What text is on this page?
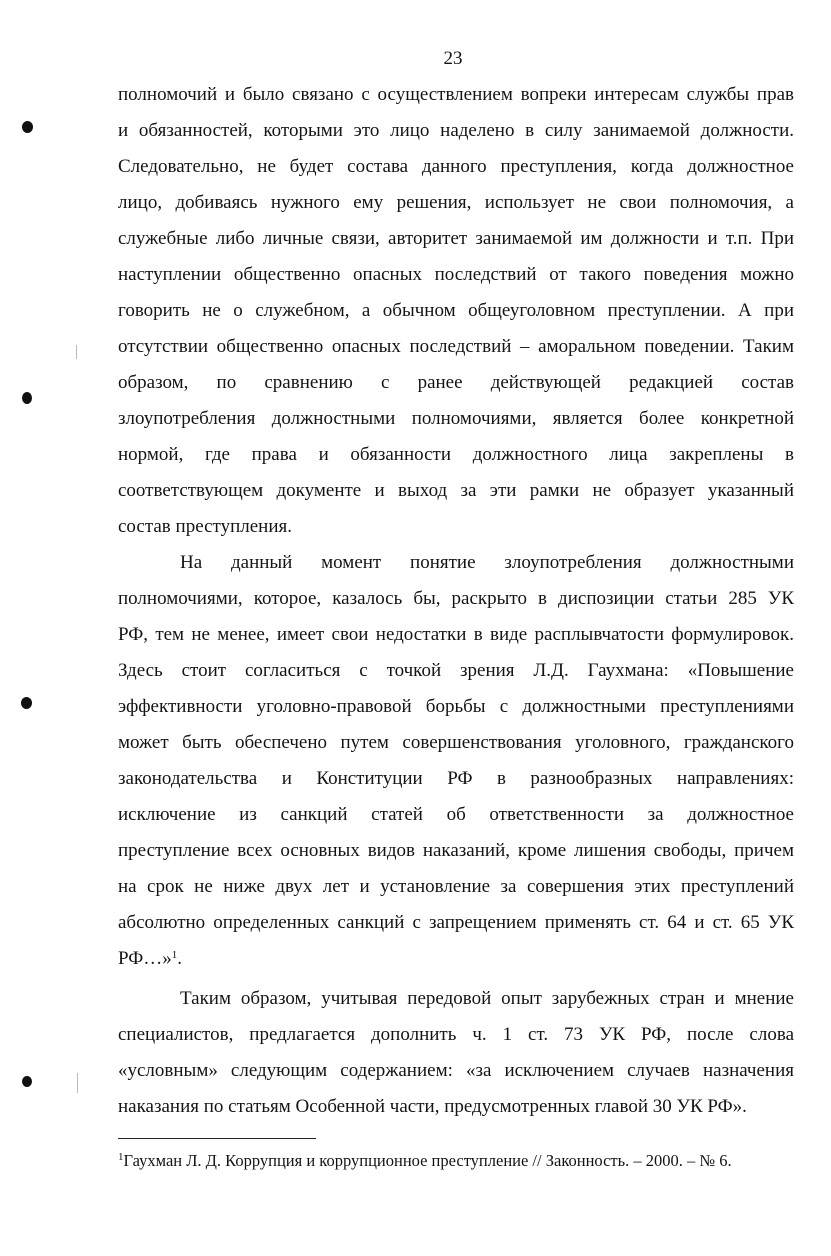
23
полномочий и было связано с осуществлением вопреки интересам службы прав
и обязанностей, которыми это лицо наделено в силу занимаемой должности.
Следовательно, не будет состава данного преступления, когда должностное
лицо, добиваясь нужного ему решения, использует не свои полномочия, а
служебные либо личные связи, авторитет занимаемой им должности и т.п. При
наступлении общественно опасных последствий от такого поведения можно
говорить не о служебном, а обычном общеуголовном преступлении. А при
отсутствии общественно опасных последствий – аморальном поведении. Таким
образом, по сравнению с ранее действующей редакцией состав
злоупотребления должностными полномочиями, является более конкретной
нормой, где права и обязанности должностного лица закреплены в
соответствующем документе и выход за эти рамки не образует указанный
состав преступления.
На данный момент понятие злоупотребления должностными
полномочиями, которое, казалось бы, раскрыто в диспозиции статьи 285 УК
РФ, тем не менее, имеет свои недостатки в виде расплывчатости формулировок.
Здесь стоит согласиться с точкой зрения Л.Д. Гаухмана: «Повышение
эффективности уголовно-правовой борьбы с должностными преступлениями
может быть обеспечено путем совершенствования уголовного, гражданского
законодательства и Конституции РФ в разнообразных направлениях:
исключение из санкций статей об ответственности за должностное
преступление всех основных видов наказаний, кроме лишения свободы, причем
на срок не ниже двух лет и установление за совершения этих преступлений
абсолютно определенных санкций с запрещением применять ст. 64 и ст. 65 УК
РФ…»$^1$.
Таким образом, учитывая передовой опыт зарубежных стран и мнение
специалистов, предлагается дополнить ч. 1 ст. 73 УК РФ, после слова
«условным» следующим содержанием: «за исключением случаев назначения
наказания по статьям Особенной части, предусмотренных главой 30 УК РФ».
$^1$Гаухман Л. Д. Коррупция и коррупционное преступление // Законность. – 2000. – № 6.
